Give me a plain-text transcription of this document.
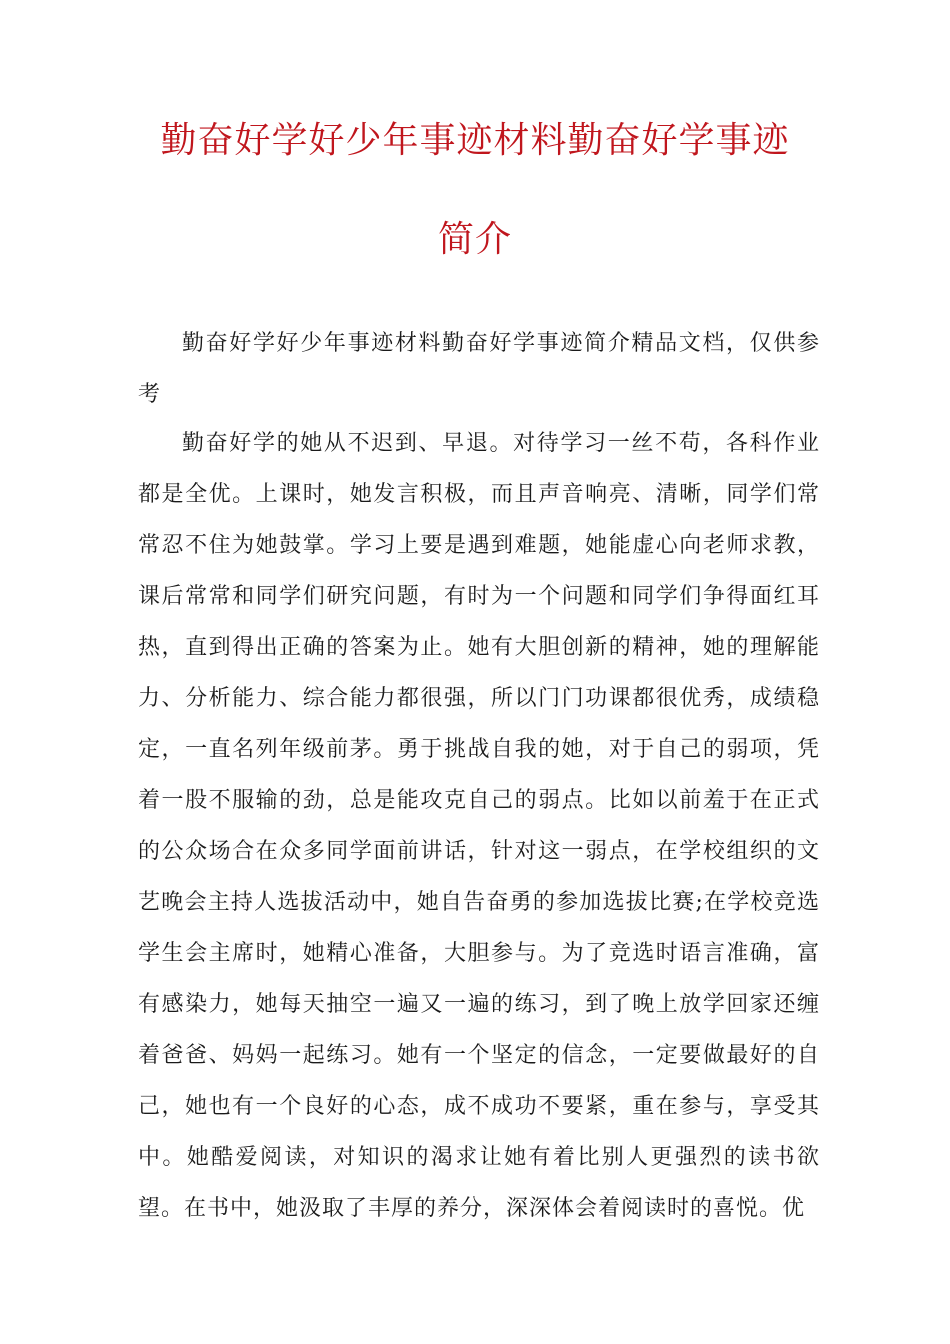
勤奋好学好少年事迹材料勤奋好学事迹
简介

勤奋好学好少年事迹材料勤奋好学事迹简介精品文档，仅供参考

勤奋好学的她从不迟到、早退。对待学习一丝不苟，各科作业都是全优。上课时，她发言积极，而且声音响亮、清晰，同学们常常忍不住为她鼓掌。学习上要是遇到难题，她能虚心向老师求教，课后常常和同学们研究问题，有时为一个问题和同学们争得面红耳热，直到得出正确的答案为止。她有大胆创新的精神，她的理解能力、分析能力、综合能力都很强，所以门门功课都很优秀，成绩稳定，一直名列年级前茅。勇于挑战自我的她，对于自己的弱项，凭着一股不服输的劲，总是能攻克自己的弱点。比如以前羞于在正式的公众场合在众多同学面前讲话，针对这一弱点，在学校组织的文艺晚会主持人选拔活动中，她自告奋勇的参加选拔比赛;在学校竞选学生会主席时，她精心准备，大胆参与。为了竞选时语言准确，富有感染力，她每天抽空一遍又一遍的练习，到了晚上放学回家还缠着爸爸、妈妈一起练习。她有一个坚定的信念，一定要做最好的自己，她也有一个良好的心态，成不成功不要紧，重在参与，享受其中。她酷爱阅读，对知识的渴求让她有着比别人更强烈的读书欲望。在书中，她汲取了丰厚的养分，深深体会着阅读时的喜悦。优
